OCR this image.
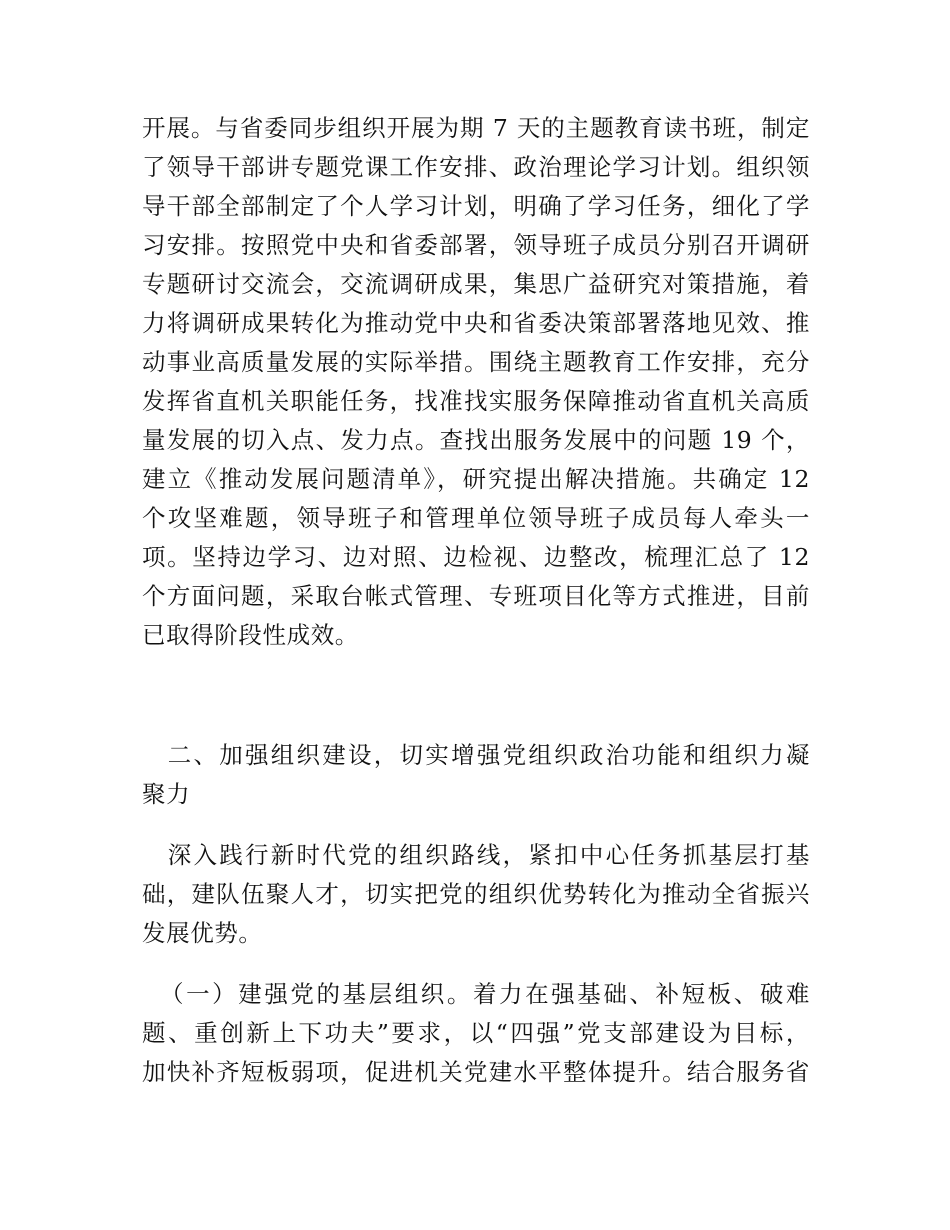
开展。与省委同步组织开展为期 7 天的主题教育读书班，制定
了领导干部讲专题党课工作安排、政治理论学习计划。组织领
导干部全部制定了个人学习计划，明确了学习任务，细化了学
习安排。按照党中央和省委部署，领导班子成员分别召开调研
专题研讨交流会，交流调研成果，集思广益研究对策措施，着
力将调研成果转化为推动党中央和省委决策部署落地见效、推
动事业高质量发展的实际举措。围绕主题教育工作安排，充分
发挥省直机关职能任务，找准找实服务保障推动省直机关高质
量发展的切入点、发力点。查找出服务发展中的问题 19 个，
建立《推动发展问题清单》，研究提出解决措施。共确定 12
个攻坚难题，领导班子和管理单位领导班子成员每人牵头一
项。坚持边学习、边对照、边检视、边整改，梳理汇总了 12
个方面问题，采取台帐式管理、专班项目化等方式推进，目前
已取得阶段性成效。
　二、加强组织建设，切实增强党组织政治功能和组织力凝
聚力
　深入践行新时代党的组织路线，紧扣中心任务抓基层打基
础，建队伍聚人才，切实把党的组织优势转化为推动全省振兴
发展优势。
（一）建强党的基层组织。着力在强基础、补短板、破难
题、重创新上下功夫”要求，以“四强”党支部建设为目标，
加快补齐短板弱项，促进机关党建水平整体提升。结合服务省
